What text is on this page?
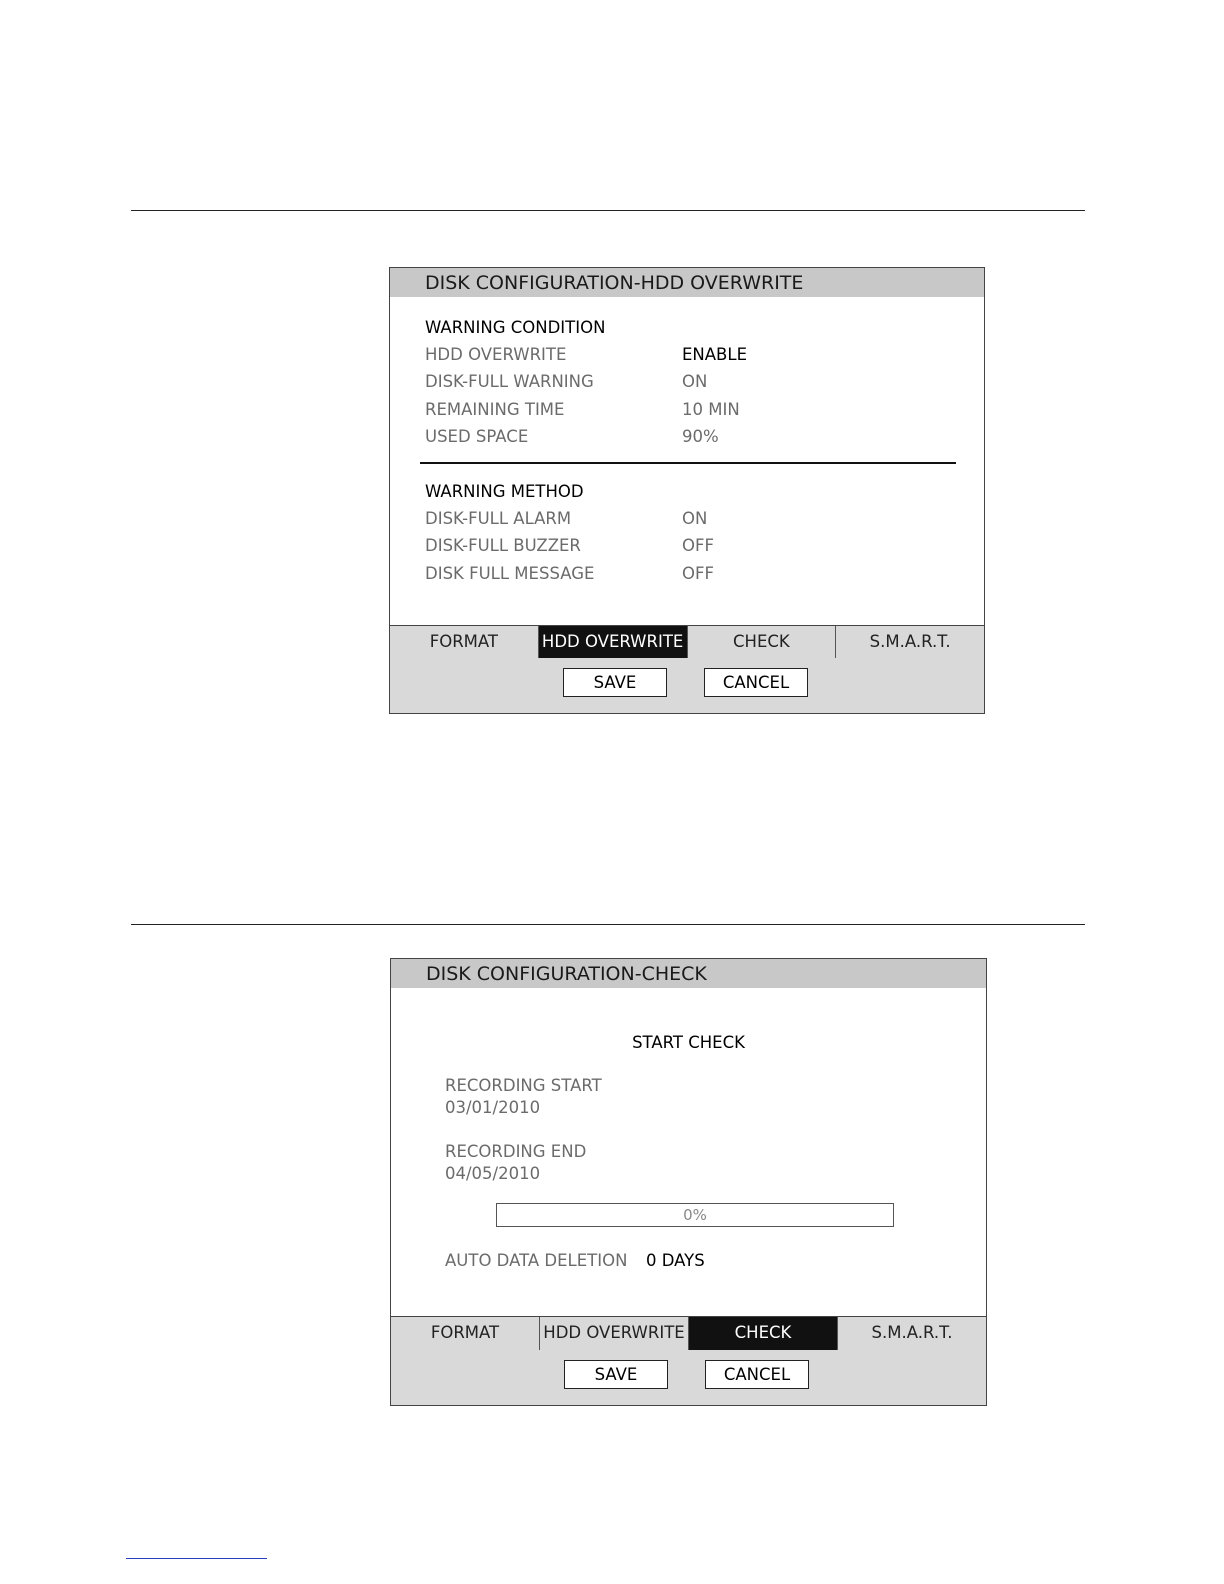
DISK CONFIGURATION-HDD OVERWRITE
WARNING CONDITION
HDD OVERWRITE	ENABLE
DISK-FULL WARNING	ON
REMAINING TIME	10 MIN
USED SPACE	90%
WARNING METHOD
DISK-FULL ALARM	ON
DISK-FULL BUZZER	OFF
DISK FULL MESSAGE	OFF
FORMAT	HDD OVERWRITE	CHECK	S.M.A.R.T.
SAVE	CANCEL
DISK CONFIGURATION-CHECK
START CHECK
RECORDING START
03/01/2010
RECORDING END
04/05/2010
0%
AUTO DATA DELETION 0 DAYS
FORMAT	HDD OVERWRITE	CHECK	S.M.A.R.T.
SAVE	CANCEL
